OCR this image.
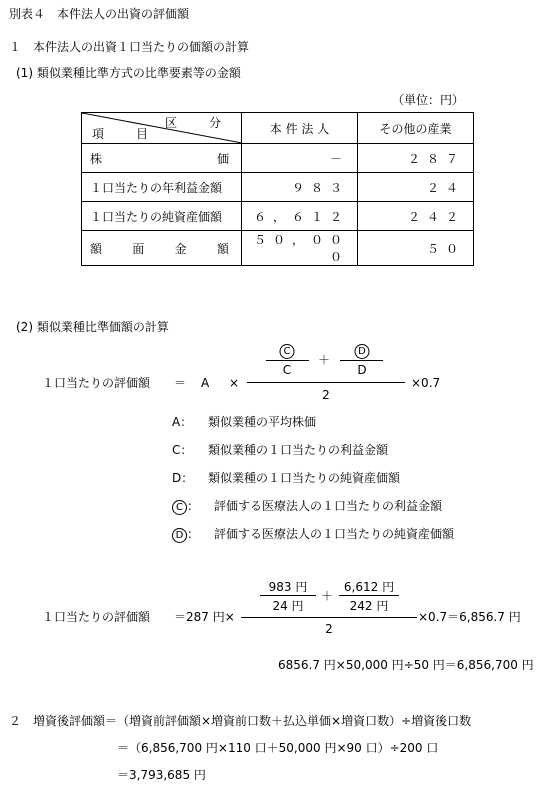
別表４　本件法人の出資の評価額
１　本件法人の出資１口当たりの価額の計算
(1) 類似業種比準方式の比準要素等の金額
（単位：円）
区　分
項　目	本 件 法 人	その他の産業

株 価	－	２８７
１口当たりの年利益金額	９８３	２４
１口当たりの純資産価額	６，６１２	２４２

額 面 金 額	５０，０００	５０
(2) 類似業種比準価額の計算
C
C
＋
D
D
１口当たりの評価額 ＝ A ×	×0.7
2
A： 類似業種の平均株価
C： 類似業種の１口当たりの利益金額
D： 類似業種の１口当たりの純資産価額
C ： 評価する医療法人の１口当たりの利益金額
D ： 評価する医療法人の１口当たりの純資産価額
983 円
24 円
＋
6,612 円
242 円
１口当たりの評価額 ＝287 円×	×0.7＝6,856.7 円
2
6856.7 円×50,000 円÷50 円＝6,856,700 円
２　増資後評価額＝（増資前評価額×増資前口数＋払込単価×増資口数）÷増資後口数
＝（6,856,700 円×110 口＋50,000 円×90 口）÷200 口
＝3,793,685 円
